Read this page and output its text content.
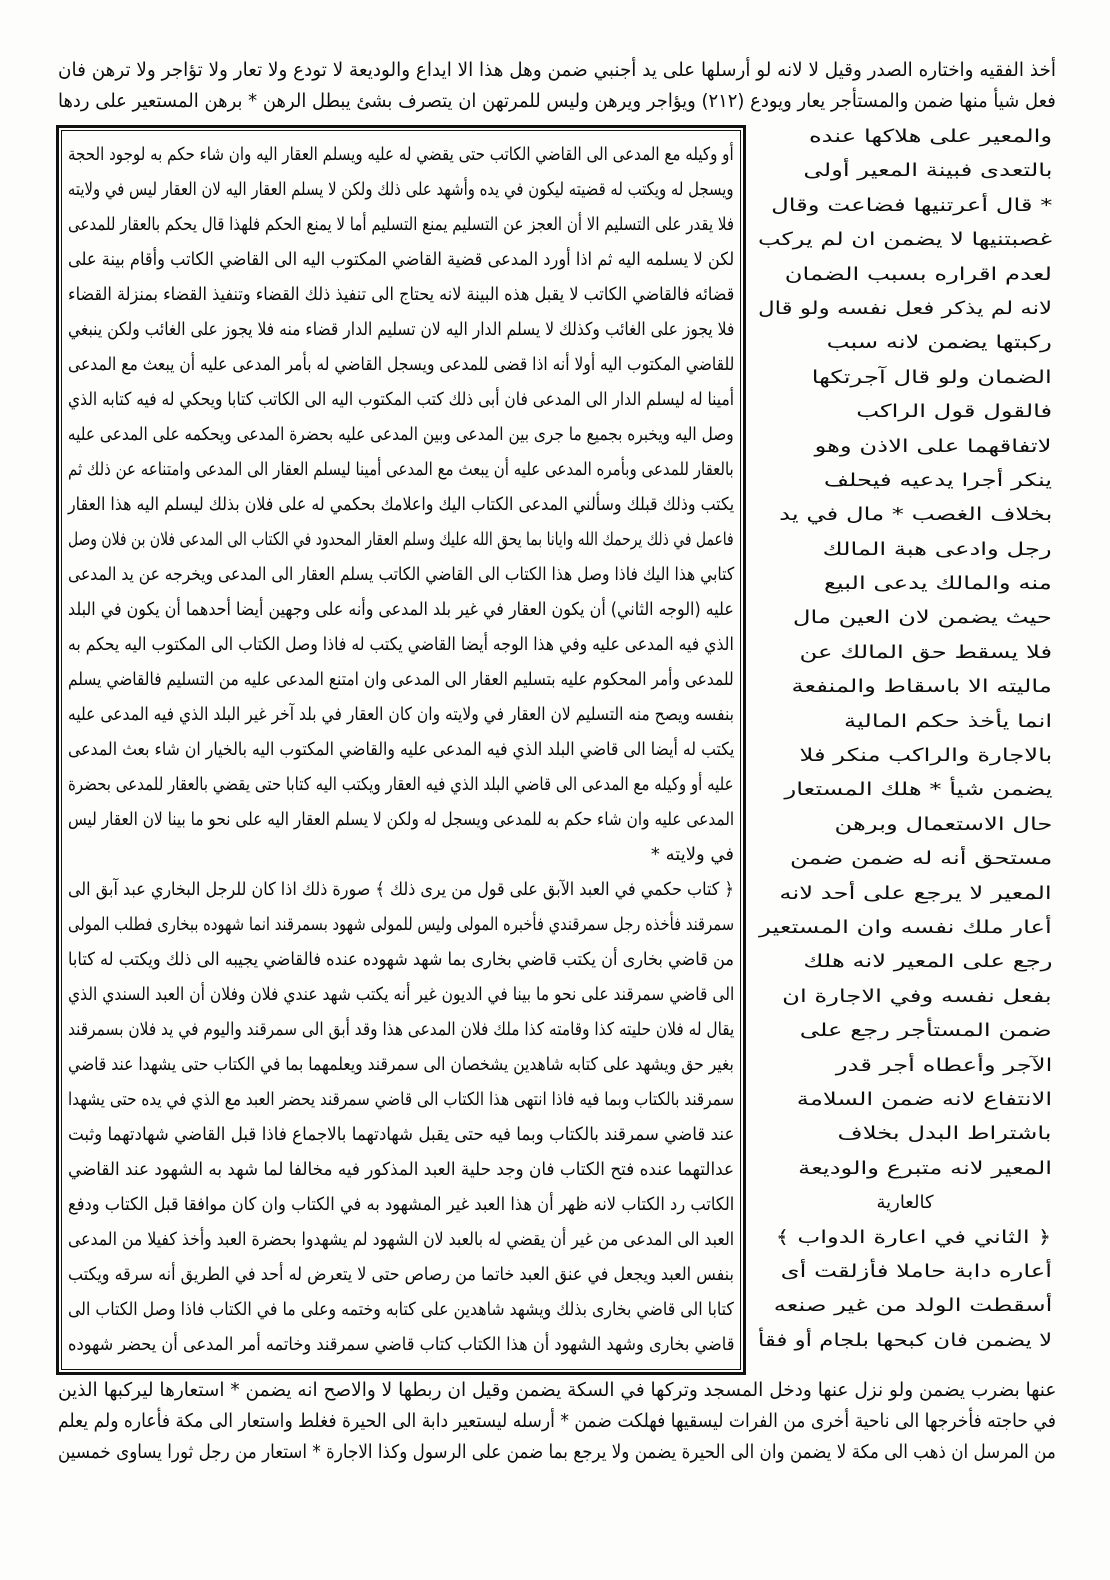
أخذ الفقيه واختاره الصدر وقيل لا لانه لو أرسلها على يد أجنبي ضمن وهل هذا الا ايداع والوديعة لا تودع ولا تعار ولا تؤاجر ولا ترهن فان
فعل شيأ منها ضمن والمستأجر يعار ويودع (٢١٢) ويؤاجر ويرهن وليس للمرتهن ان يتصرف بشئ يبطل الرهن * برهن المستعير على ردها
أو وكيله مع المدعى الى القاضي الكاتب حتى يقضي له عليه ويسلم العقار اليه وان شاء حكم به لوجود الحجة
ويسجل له ويكتب له قضيته ليكون في يده وأشهد على ذلك ولكن لا يسلم العقار اليه لان العقار ليس في ولايته
فلا يقدر على التسليم الا أن العجز عن التسليم يمنع التسليم أما لا يمنع الحكم فلهذا قال يحكم بالعقار للمدعى
لكن لا يسلمه اليه ثم اذا أورد المدعى قضية القاضي المكتوب اليه الى القاضي الكاتب وأقام بينة على
قضائه فالقاضي الكاتب لا يقبل هذه البينة لانه يحتاج الى تنفيذ ذلك القضاء وتنفيذ القضاء بمنزلة القضاء
فلا يجوز على الغائب وكذلك لا يسلم الدار اليه لان تسليم الدار قضاء منه فلا يجوز على الغائب ولكن ينبغي
للقاضي المكتوب اليه أولا أنه اذا قضى للمدعى ويسجل القاضي له بأمر المدعى عليه أن يبعث مع المدعى
أمينا له ليسلم الدار الى المدعى فان أبى ذلك كتب المكتوب اليه الى الكاتب كتابا ويحكي له فيه كتابه الذي
وصل اليه ويخبره بجميع ما جرى بين المدعى وبين المدعى عليه بحضرة المدعى ويحكمه على المدعى عليه
بالعقار للمدعى وبأمره المدعى عليه أن يبعث مع المدعى أمينا ليسلم العقار الى المدعى وامتناعه عن ذلك ثم
يكتب وذلك قبلك وسألني المدعى الكتاب اليك واعلامك بحكمي له على فلان بذلك ليسلم اليه هذا العقار
فاعمل في ذلك يرحمك الله وايانا بما يحق الله عليك وسلم العقار المحدود في الكتاب الى المدعى فلان بن فلان وصل
كتابي هذا اليك فاذا وصل هذا الكتاب الى القاضي الكاتب يسلم العقار الى المدعى ويخرجه عن يد المدعى
عليه (الوجه الثاني) أن يكون العقار في غير بلد المدعى وأنه على وجهين أيضا أحدهما أن يكون في البلد
الذي فيه المدعى عليه وفي هذا الوجه أيضا القاضي يكتب له فاذا وصل الكتاب الى المكتوب اليه يحكم به
للمدعى وأمر المحكوم عليه بتسليم العقار الى المدعى وان امتنع المدعى عليه من التسليم فالقاضي يسلم
بنفسه ويصح منه التسليم لان العقار في ولايته وان كان العقار في بلد آخر غير البلد الذي فيه المدعى عليه
يكتب له أيضا الى قاضي البلد الذي فيه المدعى عليه والقاضي المكتوب اليه بالخيار ان شاء بعث المدعى
عليه أو وكيله مع المدعى الى قاضي البلد الذي فيه العقار ويكتب اليه كتابا حتى يقضي بالعقار للمدعى بحضرة
المدعى عليه وان شاء حكم به للمدعى ويسجل له ولكن لا يسلم العقار اليه على نحو ما بينا لان العقار ليس
في ولايته *
﴿ كتاب حكمي في العبد الآبق على قول من يرى ذلك ﴾ صورة ذلك اذا كان للرجل البخاري عبد آبق الى
سمرقند فأخذه رجل سمرقندي فأخبره المولى وليس للمولى شهود بسمرقند انما شهوده ببخارى فطلب المولى
من قاضي بخارى أن يكتب قاضي بخارى بما شهد شهوده عنده فالقاضي يجيبه الى ذلك ويكتب له كتابا
الى قاضي سمرقند على نحو ما بينا في الديون غير أنه يكتب شهد عندي فلان وفلان أن العبد السندي الذي
يقال له فلان حليته كذا وقامته كذا ملك فلان المدعى هذا وقد أبق الى سمرقند واليوم في يد فلان بسمرقند
بغير حق ويشهد على كتابه شاهدين يشخصان الى سمرقند ويعلمهما بما في الكتاب حتى يشهدا عند قاضي
سمرقند بالكتاب وبما فيه فاذا انتهى هذا الكتاب الى قاضي سمرقند يحضر العبد مع الذي في يده حتى يشهدا
عند قاضي سمرقند بالكتاب وبما فيه حتى يقبل شهادتهما بالاجماع فاذا قبل القاضي شهادتهما وثبت
عدالتهما عنده فتح الكتاب فان وجد حلية العبد المذكور فيه مخالفا لما شهد به الشهود عند القاضي
الكاتب رد الكتاب لانه ظهر أن هذا العبد غير المشهود به في الكتاب وان كان موافقا قبل الكتاب ودفع
العبد الى المدعى من غير أن يقضي له بالعبد لان الشهود لم يشهدوا بحضرة العبد وأخذ كفيلا من المدعى
بنفس العبد ويجعل في عنق العبد خاتما من رصاص حتى لا يتعرض له أحد في الطريق أنه سرقه ويكتب
كتابا الى قاضي بخارى بذلك ويشهد شاهدين على كتابه وختمه وعلى ما في الكتاب فاذا وصل الكتاب الى
قاضي بخارى وشهد الشهود أن هذا الكتاب كتاب قاضي سمرقند وخاتمه أمر المدعى أن يحضر شهوده
والمعير على هلاكها عنده
بالتعدى فبينة المعير أولى
* قال أعرتنيها فضاعت وقال
غصبتنيها لا يضمن ان لم يركب
لعدم اقراره بسبب الضمان
لانه لم يذكر فعل نفسه ولو قال
ركبتها يضمن لانه سبب
الضمان ولو قال آجرتكها
فالقول قول الراكب
لاتفاقهما على الاذن وهو
ينكر أجرا يدعيه فيحلف
بخلاف الغصب * مال في يد
رجل وادعى هبة المالك
منه والمالك يدعى البيع
حيث يضمن لان العين مال
فلا يسقط حق المالك عن
ماليته الا باسقاط والمنفعة
انما يأخذ حكم المالية
بالاجارة والراكب منكر فلا
يضمن شيأ * هلك المستعار
حال الاستعمال وبرهن
مستحق أنه له ضمن ضمن
المعير لا يرجع على أحد لانه
أعار ملك نفسه وان المستعير
رجع على المعير لانه هلك
بفعل نفسه وفي الاجارة ان
ضمن المستأجر رجع على
الآجر وأعطاه أجر قدر
الانتفاع لانه ضمن السلامة
باشتراط البدل بخلاف
المعير لانه متبرع والوديعة
كالعارية
﴿ الثاني في اعارة الدواب ﴾
أعاره دابة حاملا فأزلقت أى
أسقطت الولد من غير صنعه
لا يضمن فان كبحها بلجام أو فقأ
عنها بضرب يضمن ولو نزل عنها ودخل المسجد وتركها في السكة يضمن وقيل ان ربطها لا والاصح انه يضمن * استعارها ليركبها الذين
في حاجته فأخرجها الى ناحية أخرى من الفرات ليسقيها فهلكت ضمن * أرسله ليستعير دابة الى الحيرة فغلط واستعار الى مكة فأعاره ولم يعلم
من المرسل ان ذهب الى مكة لا يضمن وان الى الحيرة يضمن ولا يرجع بما ضمن على الرسول وكذا الاجارة * استعار من رجل ثورا يساوى خمسين
